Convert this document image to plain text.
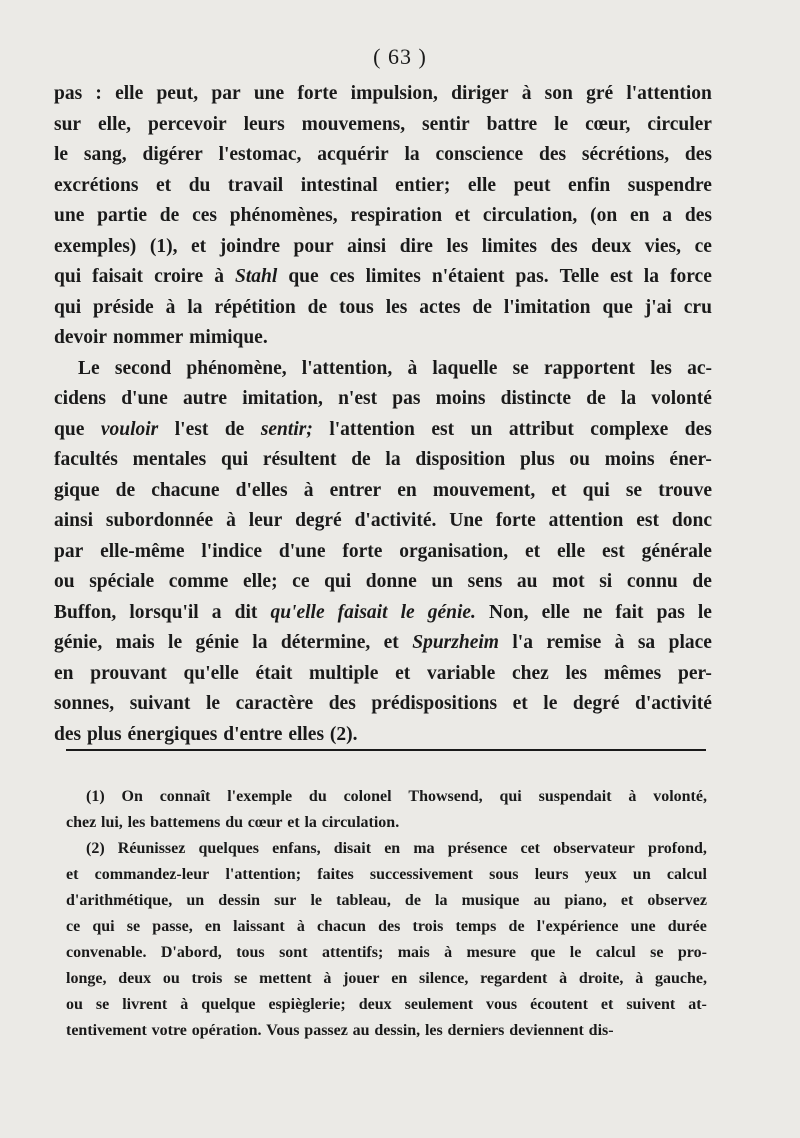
( 63 )
pas : elle peut, par une forte impulsion, diriger à son gré l'attention
sur elle, percevoir leurs mouvemens, sentir battre le cœur, circuler
le sang, digérer l'estomac, acquérir la conscience des sécrétions, des
excrétions et du travail intestinal entier; elle peut enfin suspendre
une partie de ces phénomènes, respiration et circulation, (on en a des
exemples) (1), et joindre pour ainsi dire les limites des deux vies, ce
qui faisait croire à Stahl que ces limites n'étaient pas. Telle est la force
qui préside à la répétition de tous les actes de l'imitation que j'ai cru
devoir nommer mimique.
Le second phénomène, l'attention, à laquelle se rapportent les ac-
cidens d'une autre imitation, n'est pas moins distincte de la volonté
que vouloir l'est de sentir; l'attention est un attribut complexe des
facultés mentales qui résultent de la disposition plus ou moins éner-
gique de chacune d'elles à entrer en mouvement, et qui se trouve
ainsi subordonnée à leur degré d'activité. Une forte attention est donc
par elle-même l'indice d'une forte organisation, et elle est générale
ou spéciale comme elle; ce qui donne un sens au mot si connu de
Buffon, lorsqu'il a dit qu'elle faisait le génie. Non, elle ne fait pas le
génie, mais le génie la détermine, et Spurzheim l'a remise à sa place
en prouvant qu'elle était multiple et variable chez les mêmes per-
sonnes, suivant le caractère des prédispositions et le degré d'activité
des plus énergiques d'entre elles (2).
(1) On connaît l'exemple du colonel Thowsend, qui suspendait à volonté,
chez lui, les battemens du cœur et la circulation.
(2) Réunissez quelques enfans, disait en ma présence cet observateur profond,
et commandez-leur l'attention; faites successivement sous leurs yeux un calcul
d'arithmétique, un dessin sur le tableau, de la musique au piano, et observez
ce qui se passe, en laissant à chacun des trois temps de l'expérience une durée
convenable. D'abord, tous sont attentifs; mais à mesure que le calcul se pro-
longe, deux ou trois se mettent à jouer en silence, regardent à droite, à gauche,
ou se livrent à quelque espièglerie; deux seulement vous écoutent et suivent at-
tentivement votre opération. Vous passez au dessin, les derniers deviennent dis-
